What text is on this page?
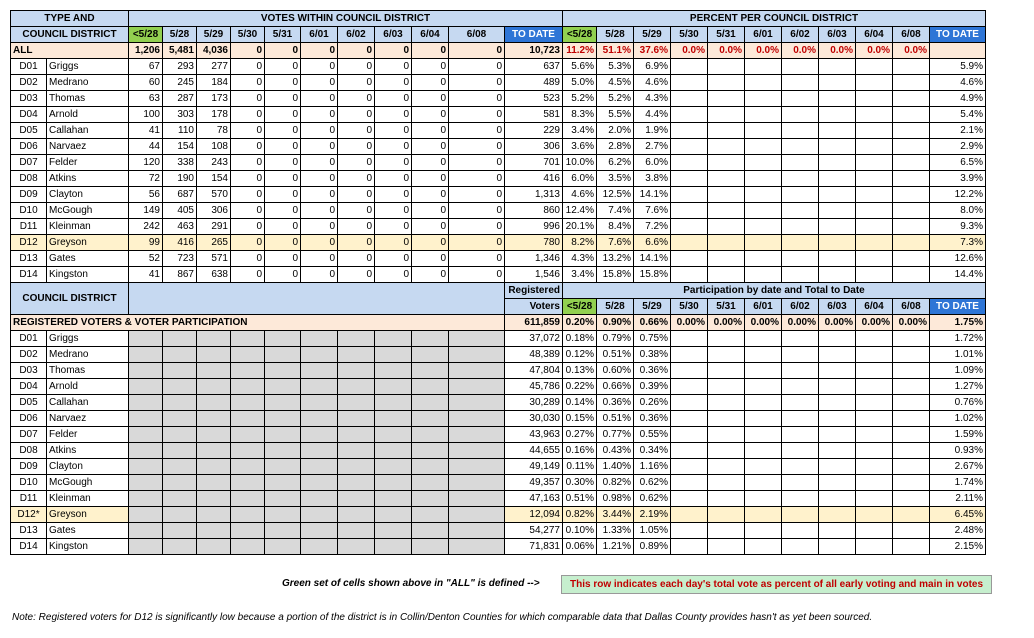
TYPE AND		VOTES WITHIN COUNCIL DISTRICT											PERCENT PER COUNCIL DISTRICT										
COUNCIL DISTRICT		<5/28	5/28	5/29	5/30	5/31	6/01	6/02	6/03	6/04	6/08	TO DATE	<5/28	5/28	5/29	5/30	5/31	6/01	6/02	6/03	6/04	6/08	TO DATE
ALL		1,206	5,481	4,036	0	0	0	0	0	0	0	10,723	11.2%	51.1%	37.6%	0.0%	0.0%	0.0%	0.0%	0.0%	0.0%	0.0%	
D01	Griggs	67	293	277	0	0	0	0	0	0	0	637	5.6%	5.3%	6.9%								5.9%
D02	Medrano	60	245	184	0	0	0	0	0	0	0	489	5.0%	4.5%	4.6%								4.6%
D03	Thomas	63	287	173	0	0	0	0	0	0	0	523	5.2%	5.2%	4.3%								4.9%
D04	Arnold	100	303	178	0	0	0	0	0	0	0	581	8.3%	5.5%	4.4%								5.4%
D05	Callahan	41	110	78	0	0	0	0	0	0	0	229	3.4%	2.0%	1.9%								2.1%
D06	Narvaez	44	154	108	0	0	0	0	0	0	0	306	3.6%	2.8%	2.7%								2.9%
D07	Felder	120	338	243	0	0	0	0	0	0	0	701	10.0%	6.2%	6.0%								6.5%
D08	Atkins	72	190	154	0	0	0	0	0	0	0	416	6.0%	3.5%	3.8%								3.9%
D09	Clayton	56	687	570	0	0	0	0	0	0	0	1,313	4.6%	12.5%	14.1%								12.2%
D10	McGough	149	405	306	0	0	0	0	0	0	0	860	12.4%	7.4%	7.6%								8.0%
D11	Kleinman	242	463	291	0	0	0	0	0	0	0	996	20.1%	8.4%	7.2%								9.3%
D12	Greyson	99	416	265	0	0	0	0	0	0	0	780	8.2%	7.6%	6.6%								7.3%
D13	Gates	52	723	571	0	0	0	0	0	0	0	1,346	4.3%	13.2%	14.1%								12.6%
D14	Kingston	41	867	638	0	0	0	0	0	0	0	1,546	3.4%	15.8%	15.8%								14.4%
COUNCIL DISTRICT												Registered	Participation by date and Total to Date										
												Voters	<5/28	5/28	5/29	5/30	5/31	6/01	6/02	6/03	6/04	6/08	TO DATE
REGISTERED VOTERS & VOTER PARTICIPATION												611,859	0.20%	0.90%	0.66%	0.00%	0.00%	0.00%	0.00%	0.00%	0.00%	0.00%	1.75%
D01	Griggs											37,072	0.18%	0.79%	0.75%								1.72%
D02	Medrano											48,389	0.12%	0.51%	0.38%								1.01%
D03	Thomas											47,804	0.13%	0.60%	0.36%								1.09%
D04	Arnold											45,786	0.22%	0.66%	0.39%								1.27%
D05	Callahan											30,289	0.14%	0.36%	0.26%								0.76%
D06	Narvaez											30,030	0.15%	0.51%	0.36%								1.02%
D07	Felder											43,963	0.27%	0.77%	0.55%								1.59%
D08	Atkins											44,655	0.16%	0.43%	0.34%								0.93%
D09	Clayton											49,149	0.11%	1.40%	1.16%								2.67%
D10	McGough											49,357	0.30%	0.82%	0.62%								1.74%
D11	Kleinman											47,163	0.51%	0.98%	0.62%								2.11%
D12*	Greyson											12,094	0.82%	3.44%	2.19%								6.45%
D13	Gates											54,277	0.10%	1.33%	1.05%								2.48%
D14	Kingston											71,831	0.06%	1.21%	0.89%								2.15%
Green set of cells shown above in "ALL" is defined -->	This row indicates each day's total vote as percent of all early voting and main in votes
Note: Registered voters for D12 is significantly low because a portion of the district is in Collin/Denton Counties for which comparable data that Dallas County provides hasn't as yet been sourced.
